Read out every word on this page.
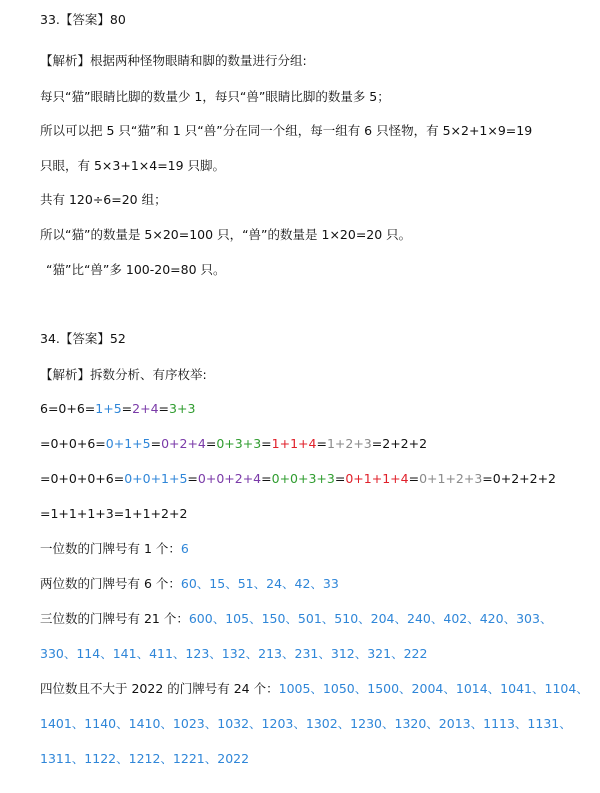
33.【答案】80
【解析】根据两种怪物眼睛和脚的数量进行分组:
每只“猫”眼睛比脚的数量少 1，每只“兽”眼睛比脚的数量多 5；
所以可以把 5 只“猫”和 1 只“兽”分在同一个组，每一组有 6 只怪物，有 5×2+1×9=19
只眼，有 5×3+1×4=19 只脚。
共有 120÷6=20 组；
所以“猫”的数量是 5×20=100 只，“兽”的数量是 1×20=20 只。
“猫”比“兽”多 100-20=80 只。
34.【答案】52
【解析】拆数分析、有序枚举:
6=0+6=1+5=2+4=3+3
=0+0+6=0+1+5=0+2+4=0+3+3=1+1+4=1+2+3=2+2+2
=0+0+0+6=0+0+1+5=0+0+2+4=0+0+3+3=0+1+1+4=0+1+2+3=0+2+2+2
=1+1+1+3=1+1+2+2
一位数的门牌号有 1 个：6
两位数的门牌号有 6 个：60、15、51、24、42、33
三位数的门牌号有 21 个：600、105、150、501、510、204、240、402、420、303、
330、114、141、411、123、132、213、231、312、321、222
四位数且不大于 2022 的门牌号有 24 个：1005、1050、1500、2004、1014、1041、1104、
1401、1140、1410、1023、1032、1203、1302、1230、1320、2013、1113、1131、
1311、1122、1212、1221、2022
